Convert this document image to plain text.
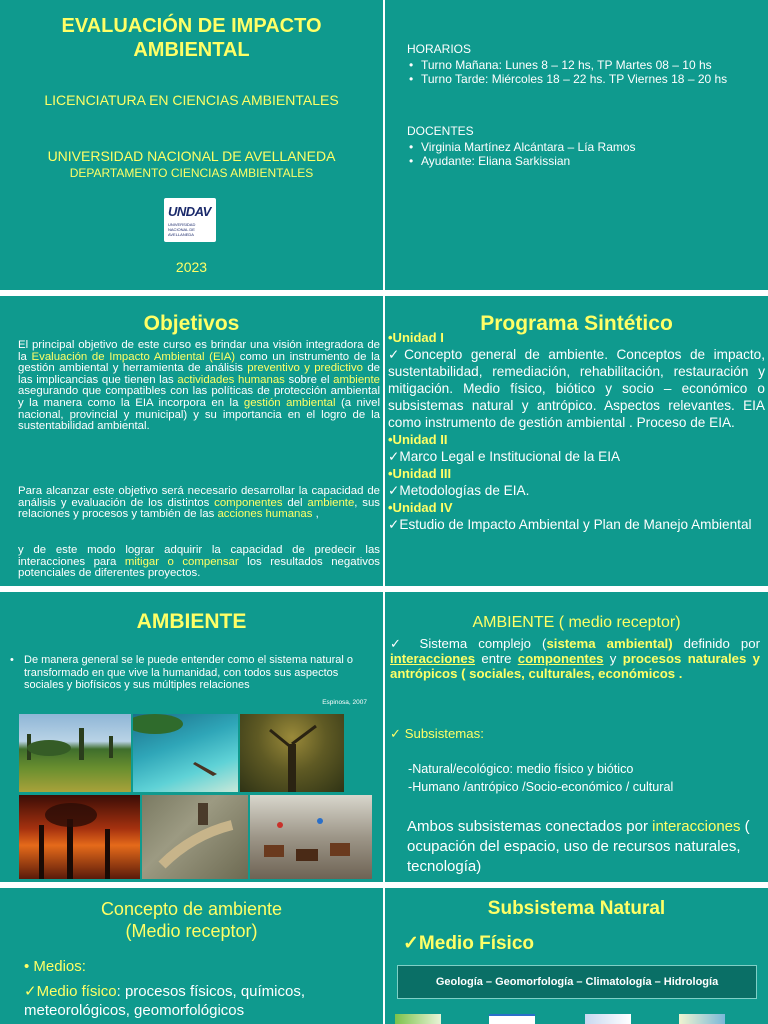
EVALUACIÓN DE IMPACTO AMBIENTAL
LICENCIATURA EN CIENCIAS AMBIENTALES
UNIVERSIDAD NACIONAL DE AVELLANEDA
DEPARTAMENTO CIENCIAS AMBIENTALES
UNDAV
UNIVERSIDAD NACIONAL DE AVELLANEDA
2023
HORARIOS
• Turno Mañana: Lunes 8 – 12 hs, TP Martes 08 – 10 hs
• Turno Tarde: Miércoles 18 – 22 hs. TP Viernes 18 – 20 hs
DOCENTES
• Virginia Martínez Alcántara – Lía Ramos
• Ayudante: Eliana Sarkissian
Objetivos
El principal objetivo de este curso es brindar una visión integradora de la Evaluación de Impacto Ambiental (EIA) como un instrumento de la gestión ambiental y herramienta de análisis preventivo y predictivo de las implicancias que tienen las actividades humanas sobre el ambiente asegurando que compatibles con las políticas de protección ambiental y la manera como la EIA incorpora en la gestión ambiental (a nivel nacional, provincial y municipal) y su importancia en el logro de la sustentabilidad ambiental.
Para alcanzar este objetivo será necesario desarrollar la capacidad de análisis y evaluación de los distintos componentes del ambiente, sus relaciones y procesos y también de las acciones humanas ,
y de este modo lograr adquirir la capacidad de predecir las interacciones para mitigar o compensar los resultados negativos potenciales de diferentes proyectos.
Programa Sintético
•Unidad I
✓Concepto general de ambiente. Conceptos de impacto, sustentabilidad, remediación, rehabilitación, restauración y mitigación. Medio físico, biótico y socio – económico o subsistemas natural y antrópico. Aspectos relevantes. EIA como instrumento de gestión ambiental . Proceso de EIA.
•Unidad II
✓Marco Legal e Institucional de la EIA
•Unidad III
✓Metodologías de EIA.
•Unidad IV
✓Estudio de Impacto Ambiental y Plan de Manejo Ambiental
AMBIENTE
• De manera general se le puede entender como el sistema natural o transformado en que vive la humanidad, con todos sus aspectos sociales y biofísicos y sus múltiples relaciones
Espinosa, 2007
AMBIENTE ( medio receptor)
✓ Sistema complejo (sistema ambiental) definido por interacciones entre componentes y procesos naturales y antrópicos ( sociales, culturales, económicos .
✓ Subsistemas:
-Natural/ecológico: medio físico y biótico
-Humano /antrópico /Socio-económico / cultural
Ambos subsistemas conectados por interacciones ( ocupación del espacio, uso de recursos naturales, tecnología)
Concepto de ambiente
(Medio receptor)
• Medios:
✓Medio físico: procesos físicos, químicos, meteorológicos, geomorfológicos
Subsistema Natural
✓Medio Físico
Geología – Geomorfología – Climatología – Hidrología
